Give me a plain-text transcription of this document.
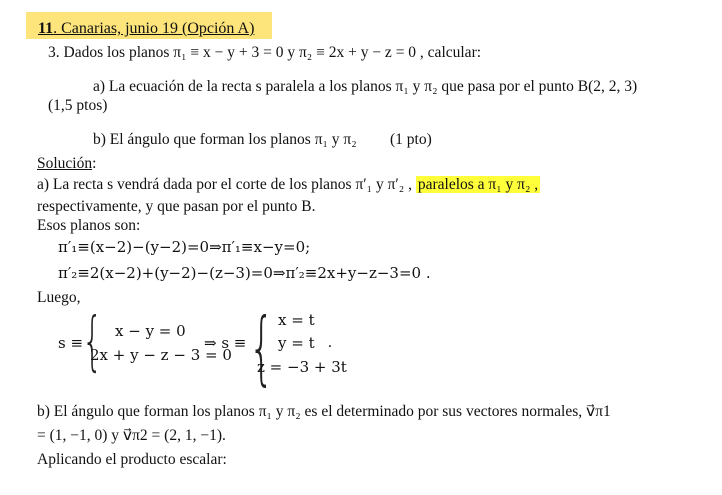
11. Canarias, junio 19 (Opción A)
3. Dados los planos π₁ ≡ x − y + 3 = 0 y π₂ ≡ 2x + y − z = 0 , calcular:
a) La ecuación de la recta s paralela a los planos π₁ y π₂ que pasa por el punto B(2, 2, 3)
(1,5 ptos)
b) El ángulo que forman los planos π₁ y π₂ (1 pto)
Solución:
a) La recta s vendrá dada por el corte de los planos π′₁ y π′₂ , paralelos a π₁ y π₂ ,
respectivamente, y que pasan por el punto B.
Esos planos son:
π′₁≡(x−2)−(y−2)=0⇒π′₁≡x−y=0;
π′₂≡2(x−2)+(y−2)−(z−3)=0⇒π′₂≡2x+y−z−3=0 .
Luego,
s ≡ { x − y = 0
2x + y − z − 3 = 0
⇒ s ≡ { x = t
y = t
z = −3 + 3t
.
b) El ángulo que forman los planos π₁ y π₂ es el determinado por sus vectores normales, v⃗π1
= (1, −1, 0) y v⃗π2 = (2, 1, −1).
Aplicando el producto escalar:
